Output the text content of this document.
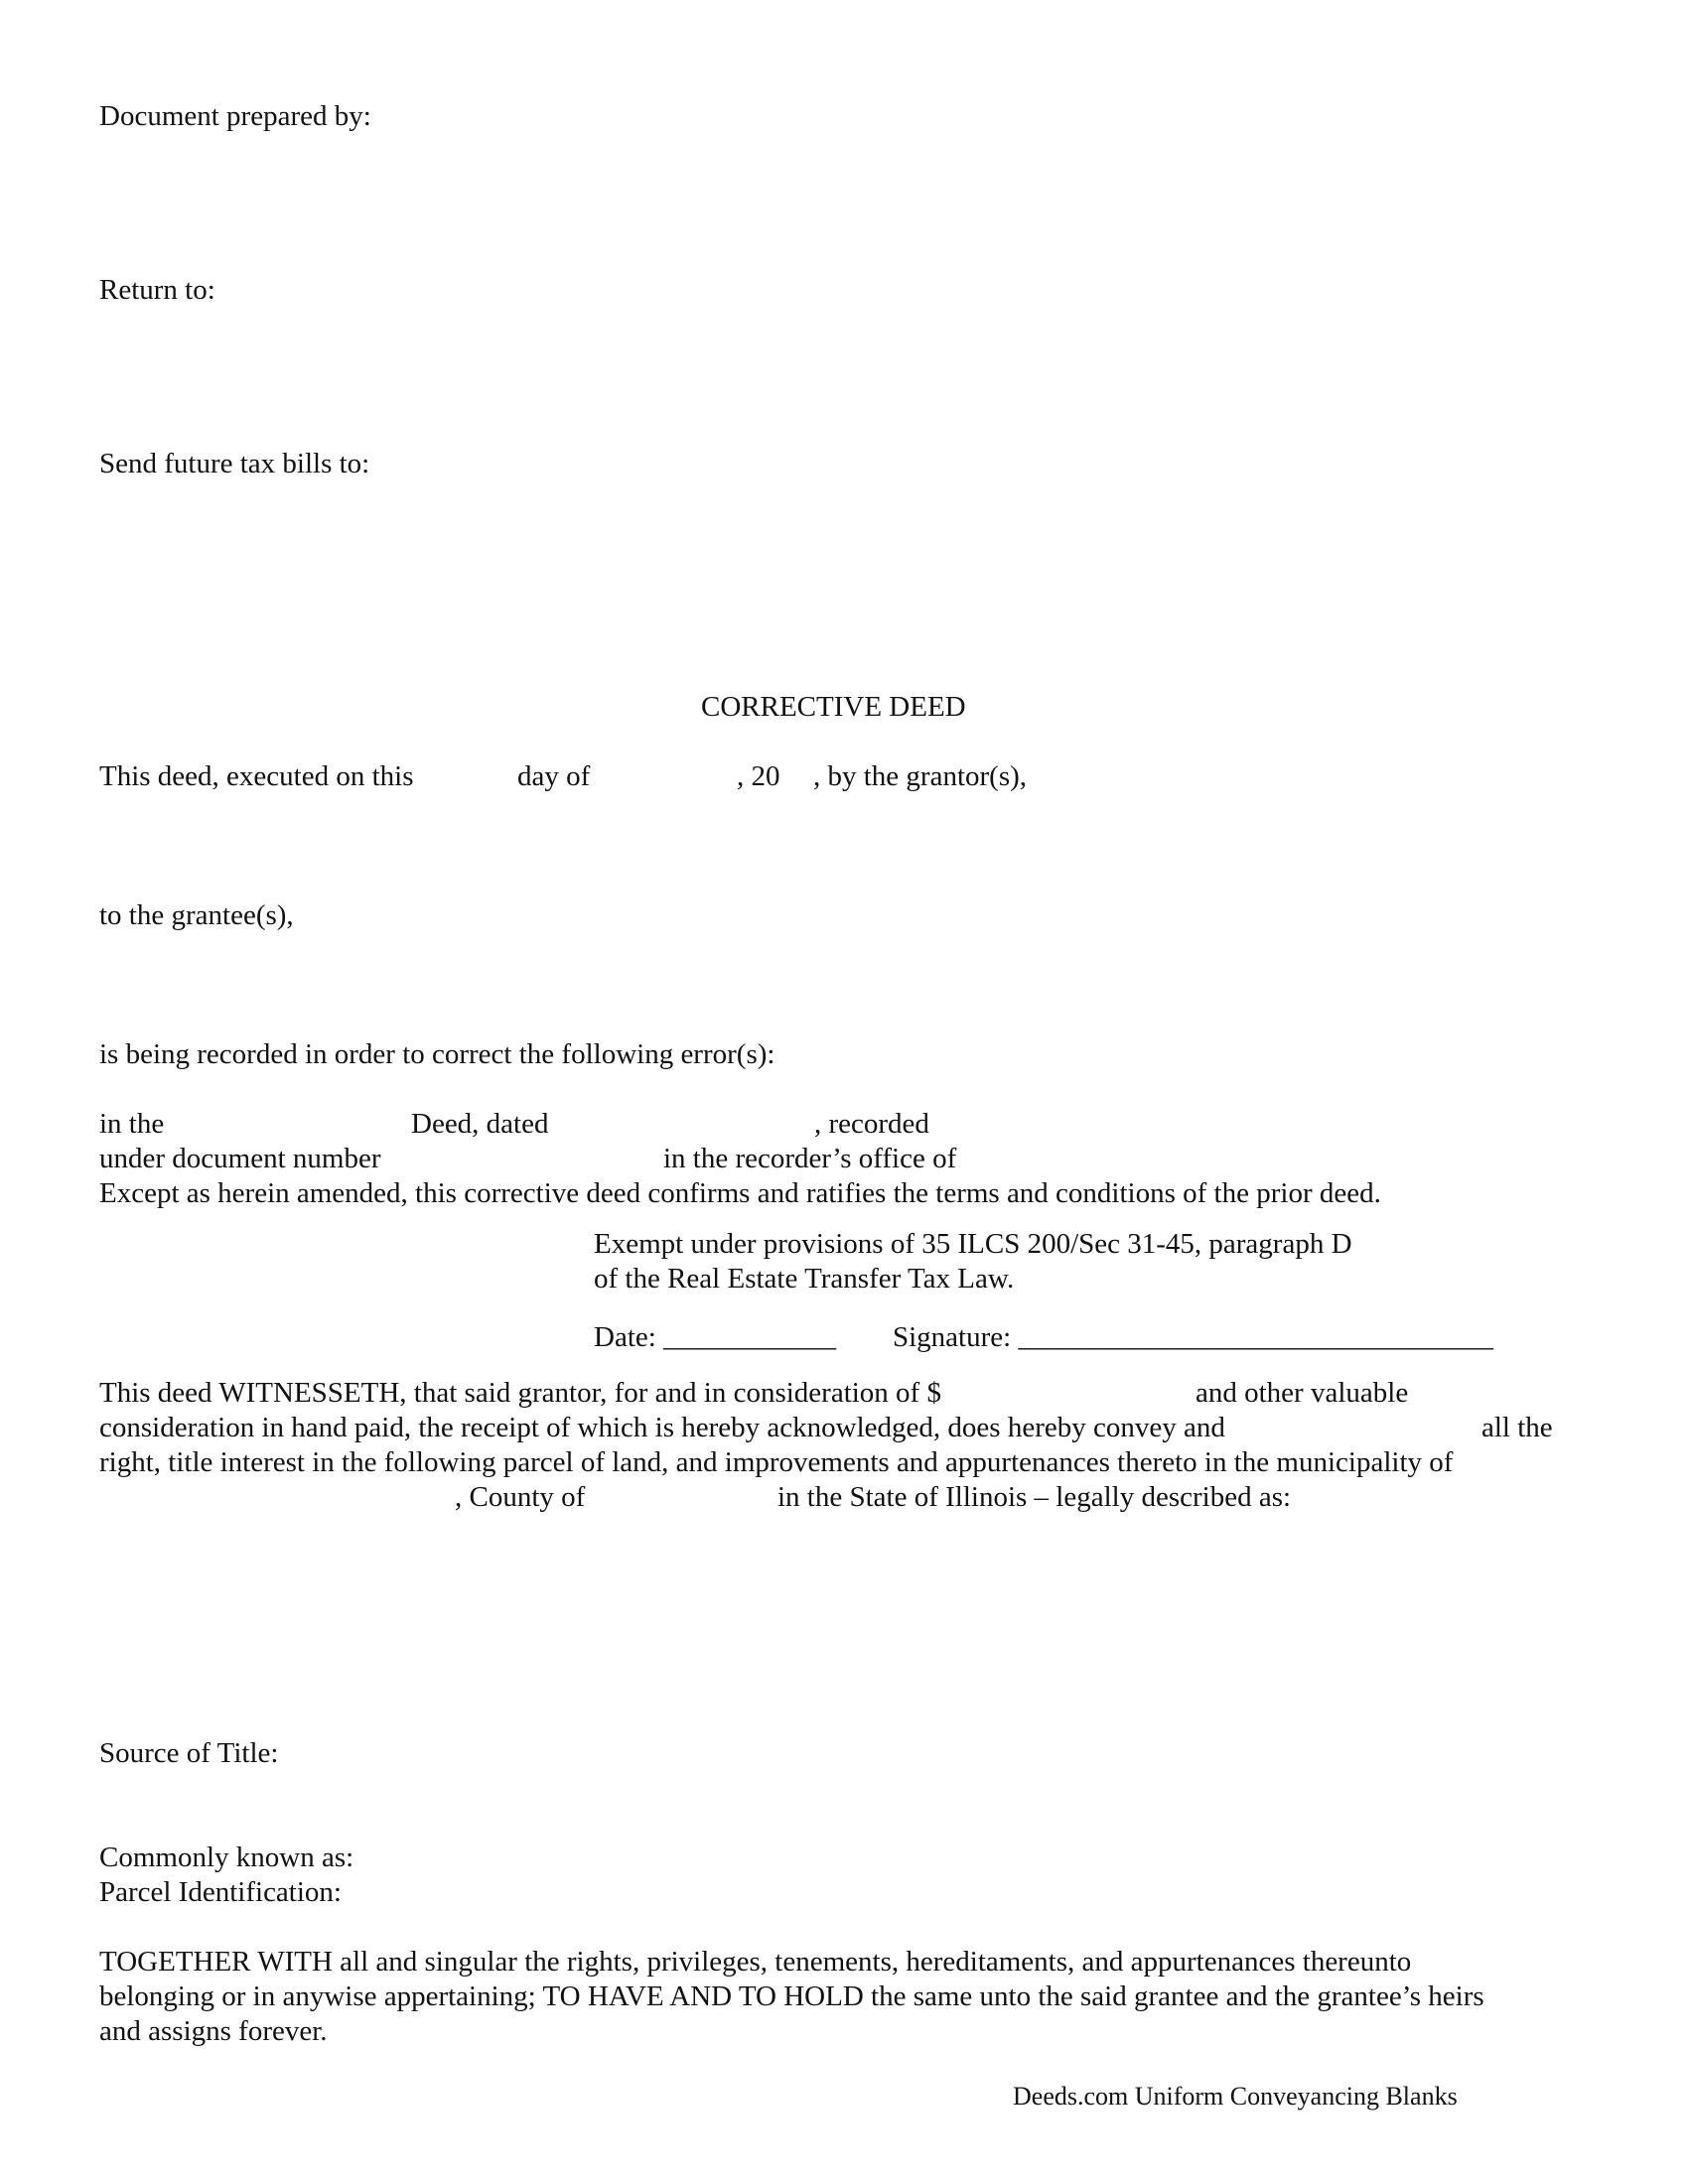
Document prepared by:
Return to:
Send future tax bills to:
CORRECTIVE DEED
This deed, executed on this	day of	, 20 , by the grantor(s),
to the grantee(s),
is being recorded in order to correct the following error(s):
in the	Deed, dated	, recorded
under document number	in the recorder’s office of
Except as herein amended, this corrective deed confirms and ratifies the terms and conditions of the prior deed.
Exempt under provisions of 35 ILCS 200/Sec 31-45, paragraph D
of the Real Estate Transfer Tax Law.
Date: ____________ Signature: _________________________________
This deed WITNESSETH, that said grantor, for and in consideration of $	and other valuable
consideration in hand paid, the receipt of which is hereby acknowledged, does hereby convey and	all the
right, title interest in the following parcel of land, and improvements and appurtenances thereto in the municipality of
, County of	in the State of Illinois – legally described as:
Source of Title:
Commonly known as:
Parcel Identification:
TOGETHER WITH all and singular the rights, privileges, tenements, hereditaments, and appurtenances thereunto
belonging or in anywise appertaining; TO HAVE AND TO HOLD the same unto the said grantee and the grantee’s heirs
and assigns forever.
Deeds.com Uniform Conveyancing Blanks
